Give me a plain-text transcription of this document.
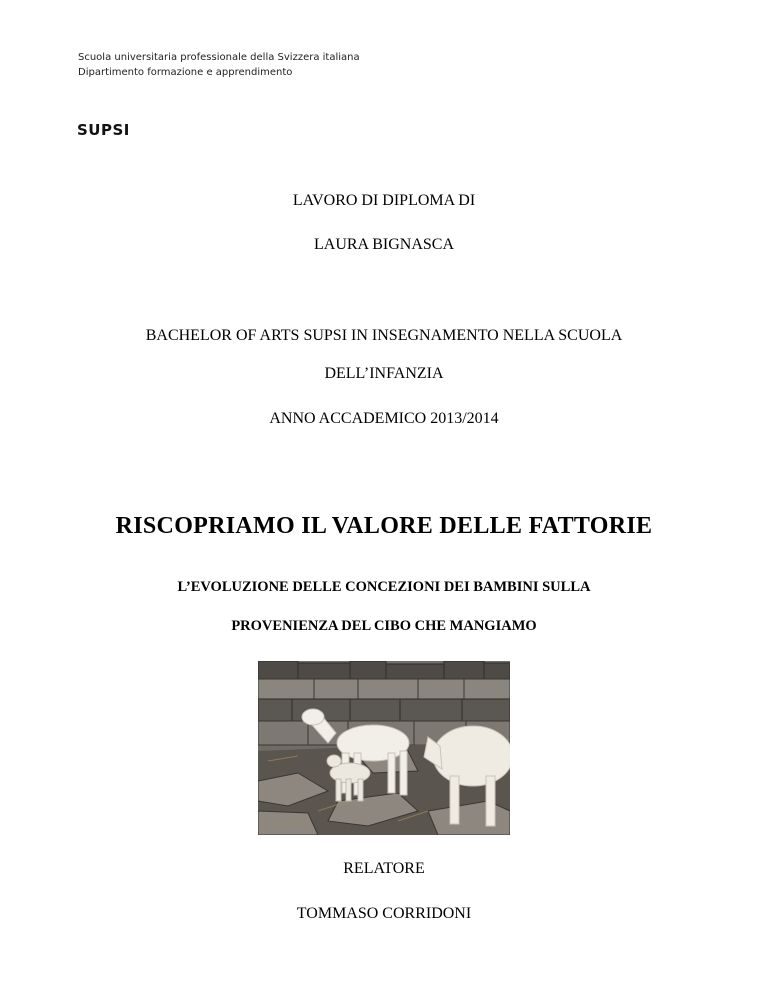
Scuola universitaria professionale della Svizzera italiana
Dipartimento formazione e apprendimento
SUPSI
LAVORO DI DIPLOMA DI
LAURA BIGNASCA
BACHELOR OF ARTS SUPSI IN INSEGNAMENTO NELLA SCUOLA
DELL’INFANZIA
ANNO ACCADEMICO 2013/2014
RISCOPRIAMO IL VALORE DELLE FATTORIE
L’EVOLUZIONE DELLE CONCEZIONI DEI BAMBINI SULLA
PROVENIENZA DEL CIBO CHE MANGIAMO
RELATORE
TOMMASO CORRIDONI
